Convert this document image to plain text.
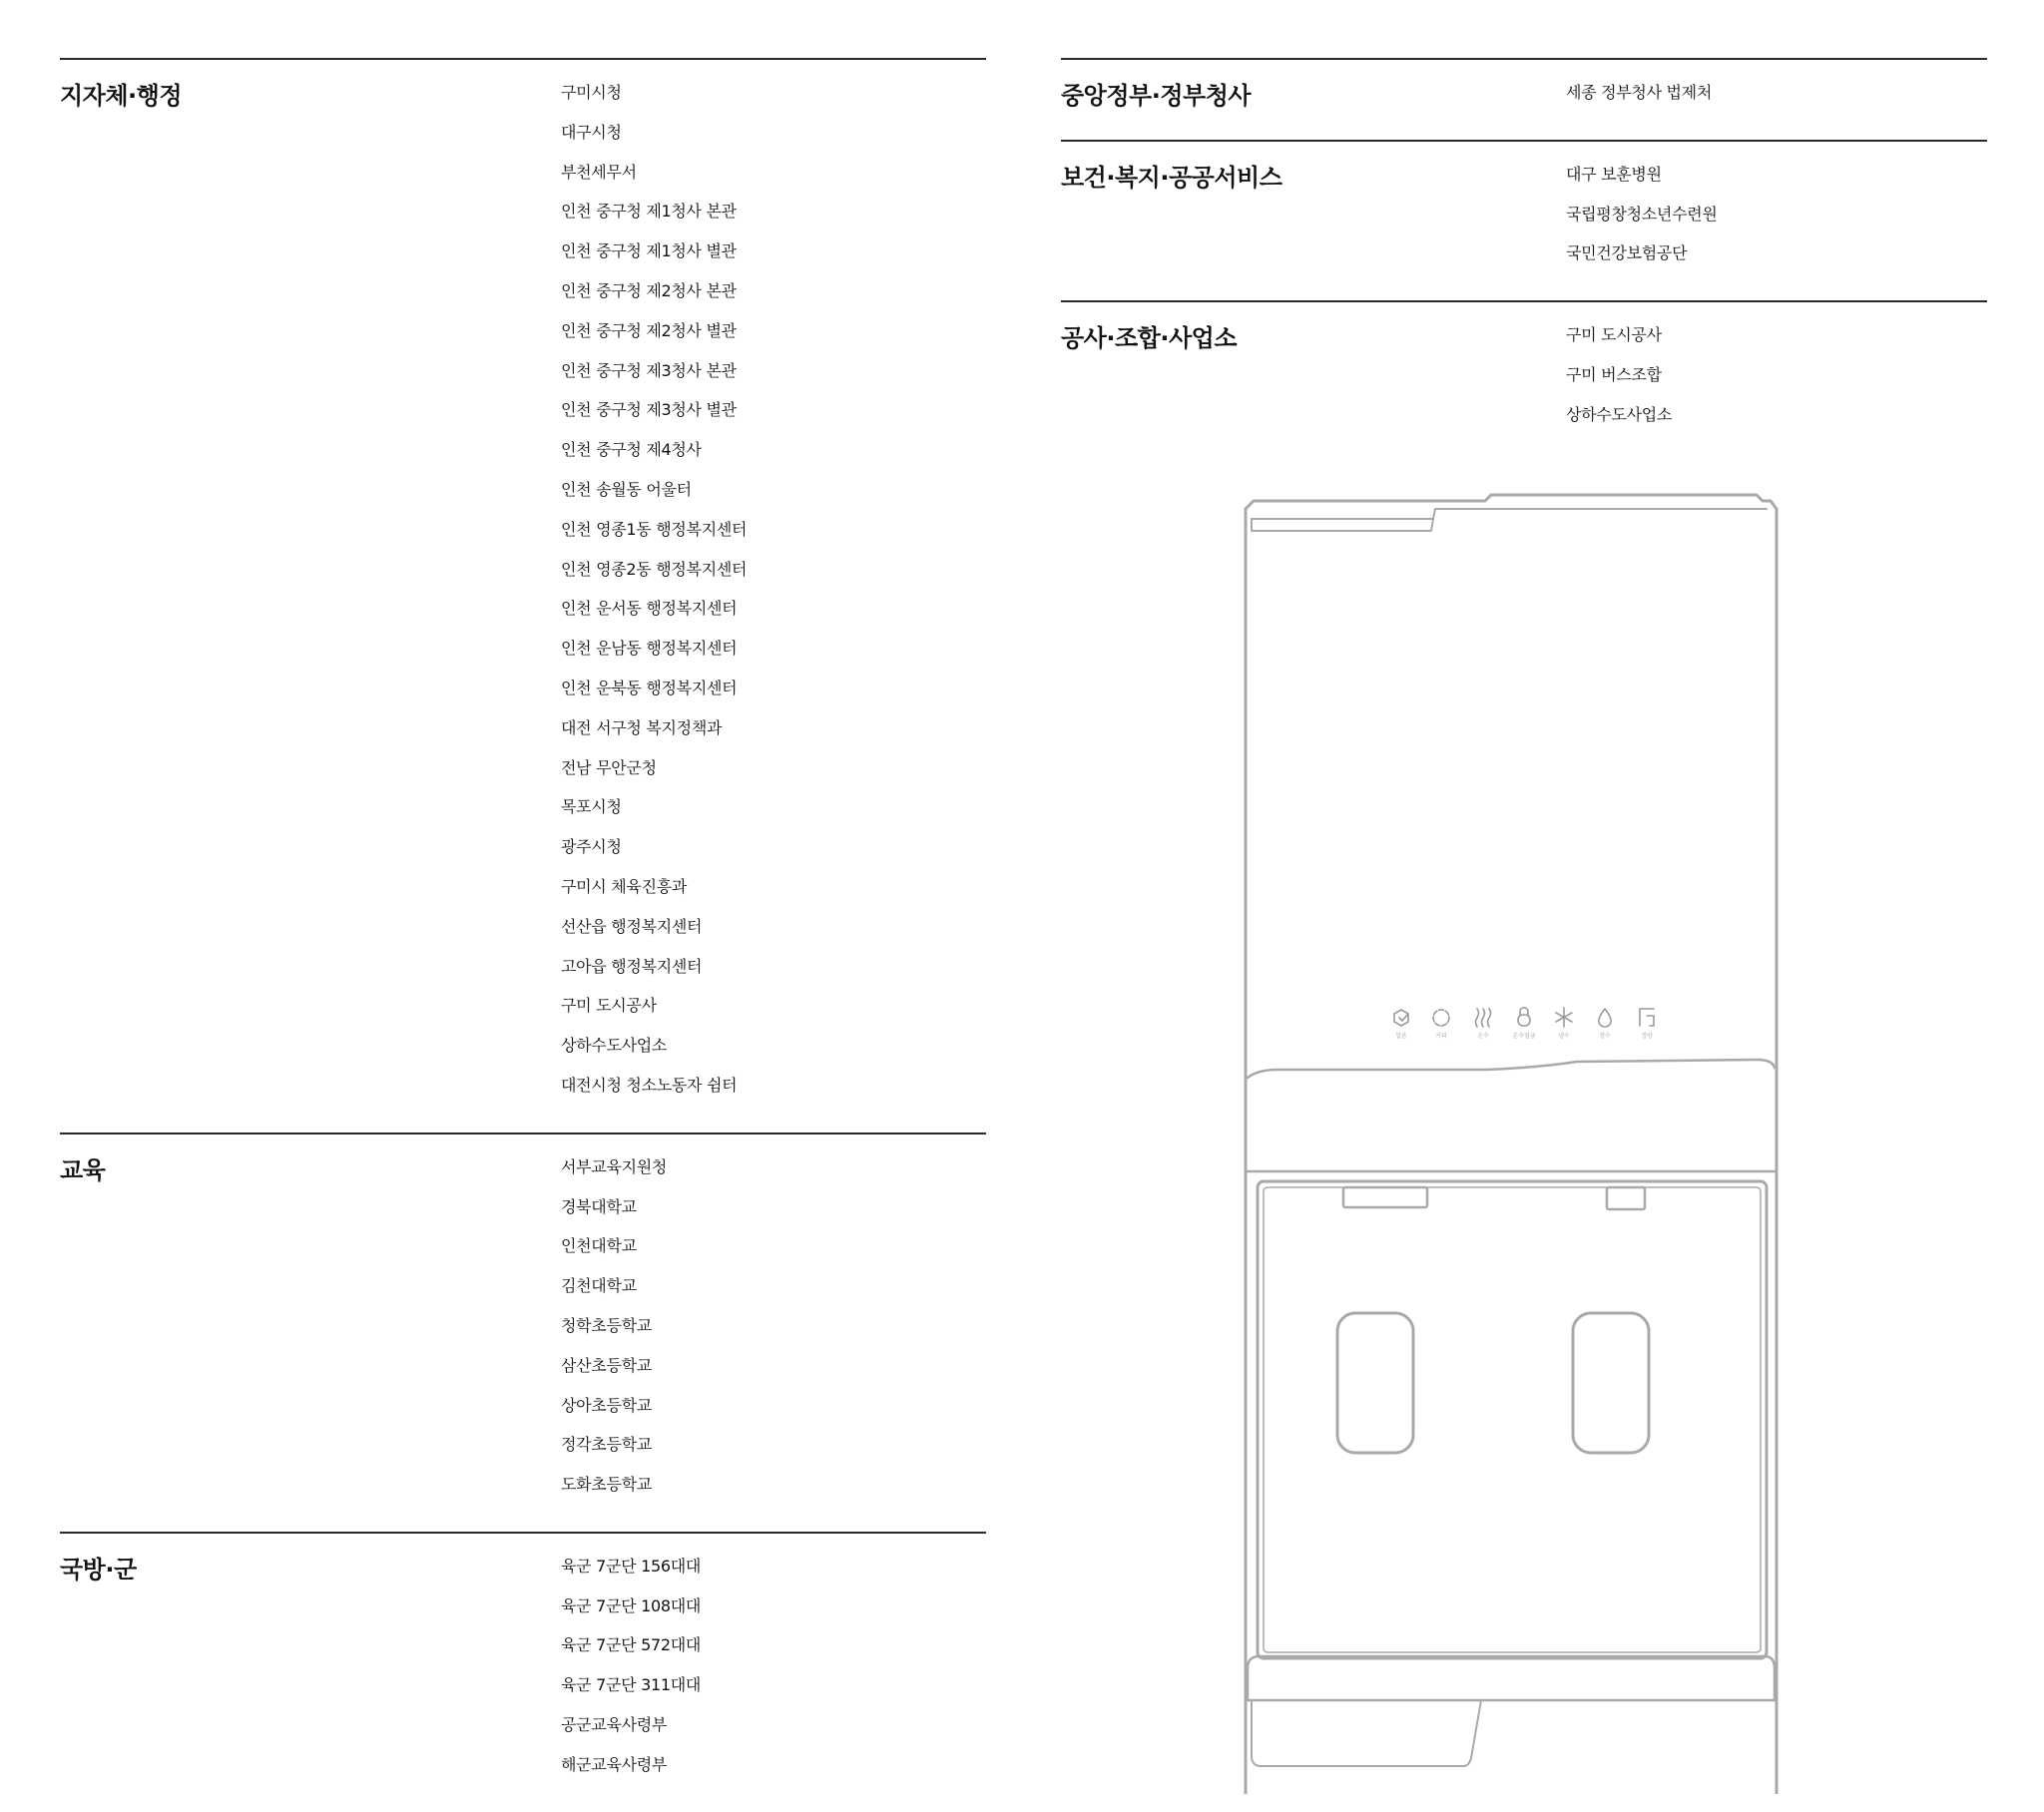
지자체·행정	구미시청
대구시청
부천세무서
인천 중구청 제1청사 본관
인천 중구청 제1청사 별관
인천 중구청 제2청사 본관
인천 중구청 제2청사 별관
인천 중구청 제3청사 본관
인천 중구청 제3청사 별관
인천 중구청 제4청사
인천 송월동 어울터
인천 영종1동 행정복지센터
인천 영종2동 행정복지센터
인천 운서동 행정복지센터
인천 운남동 행정복지센터
인천 운북동 행정복지센터
대전 서구청 복지정책과
전남 무안군청
목포시청
광주시청
구미시 체육진흥과
선산읍 행정복지센터
고아읍 행정복지센터
구미 도시공사
상하수도사업소
대전시청 청소노동자 쉼터
교육	서부교육지원청
경북대학교
인천대학교
김천대학교
청학초등학교
삼산초등학교
상아초등학교
정각초등학교
도화초등학교
국방·군	육군 7군단 156대대
육군 7군단 108대대
육군 7군단 572대대
육군 7군단 311대대
공군교육사령부
해군교육사령부
중앙정부·정부청사	세종 정부청사 법제처
보건·복지·공공서비스	대구 보훈병원
국립평창청소년수련원
국민건강보험공단
공사·조합·사업소	구미 도시공사
구미 버스조합
상하수도사업소
얼음	커피	온수	온수잠금	냉수	정수	정량
